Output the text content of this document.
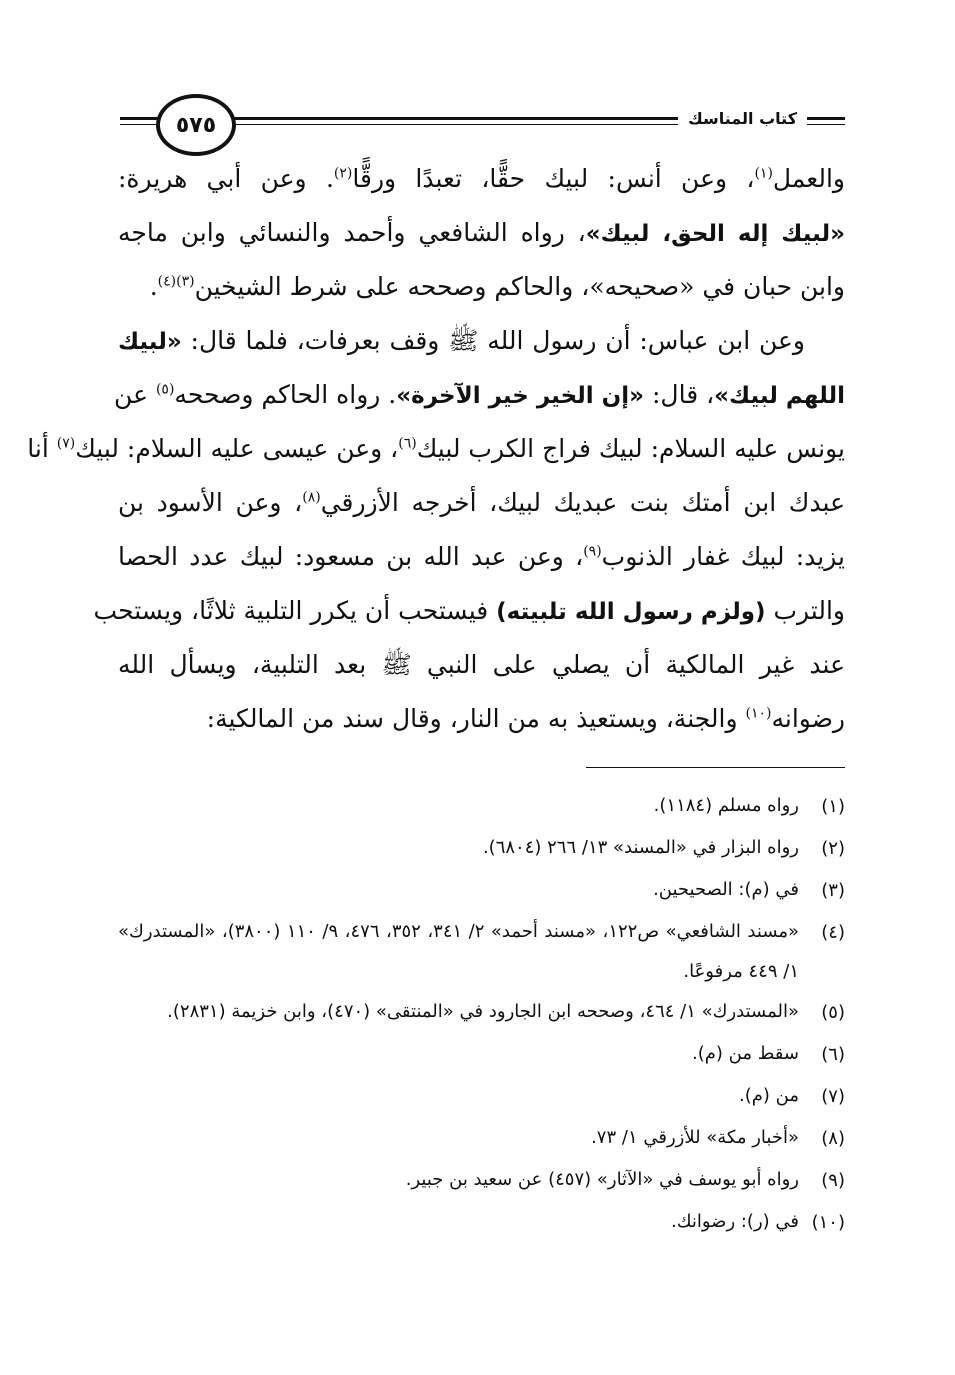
كتاب المناسك
٥٧٥
والعمل$^{(١)}$، وعن أنس: لبيك حقًّا، تعبدًا ورقًّا$^{(٢)}$. وعن أبي هريرة:
«لبيك إله الحق، لبيك»، رواه الشافعي وأحمد والنسائي وابن ماجه
وابن حبان في «صحيحه»، والحاكم وصححه على شرط الشيخين$^{(٣)(٤)}$.
وعن ابن عباس: أن رسول الله ﷺ وقف بعرفات، فلما قال: «لبيك
اللهم لبيك»، قال: «إن الخير خير الآخرة». رواه الحاكم وصححه$^{(٥)}$ عن
يونس عليه السلام: لبيك فراج الكرب لبيك$^{(٦)}$، وعن عيسى عليه السلام: لبيك$^{(٧)}$ أنا
عبدك ابن أمتك بنت عبديك لبيك، أخرجه الأزرقي$^{(٨)}$، وعن الأسود بن
يزيد: لبيك غفار الذنوب$^{(٩)}$، وعن عبد الله بن مسعود: لبيك عدد الحصا
والترب (ولزم رسول الله تلبيته) فيستحب أن يكرر التلبية ثلاثًا، ويستحب
عند غير المالكية أن يصلي على النبي ﷺ بعد التلبية، ويسأل الله
رضوانه$^{(١٠)}$ والجنة، ويستعيذ به من النار، وقال سند من المالكية:
(١)
رواه مسلم (١١٨٤).
(٢)
رواه البزار في «المسند» ١٣/ ٢٦٦ (٦٨٠٤).
(٣)
في (م): الصحيحين.
(٤)
«مسند الشافعي» ص١٢٢، «مسند أحمد» ٢/ ٣٤١، ٣٥٢، ٤٧٦، ٩/ ١١٠ (٣٨٠٠)، «المستدرك» ١/ ٤٤٩ مرفوعًا.
(٥)
«المستدرك» ١/ ٤٦٤، وصححه ابن الجارود في «المنتقى» (٤٧٠)، وابن خزيمة (٢٨٣١).
(٦)
سقط من (م).
(٧)
من (م).
(٨)
«أخبار مكة» للأزرقي ١/ ٧٣.
(٩)
رواه أبو يوسف في «الآثار» (٤٥٧) عن سعيد بن جبير.
(١٠)
في (ر): رضوانك.
